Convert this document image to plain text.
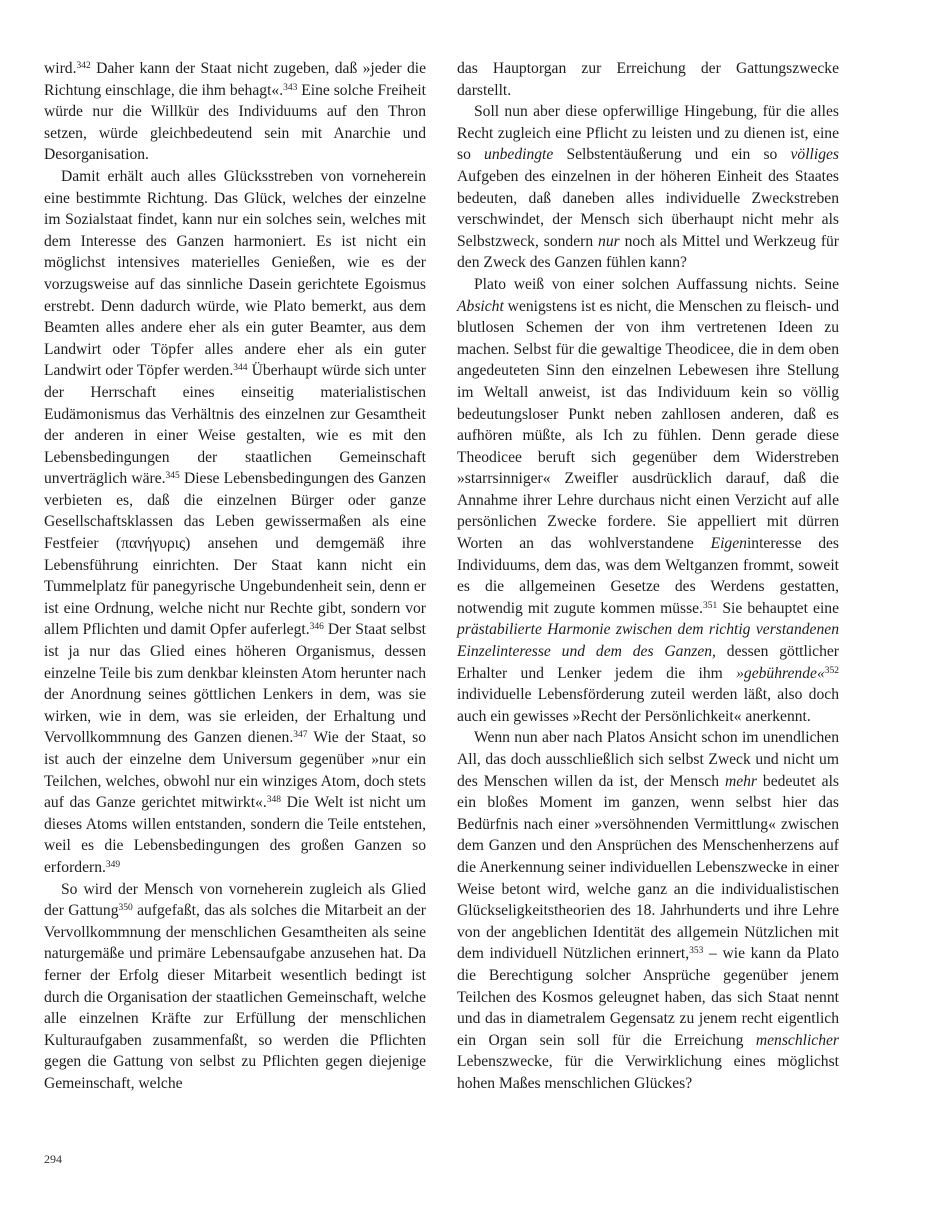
wird.$^{342}$ Daher kann der Staat nicht zugeben, daß »jeder die Richtung einschlage, die ihm behagt«.$^{343}$ Eine solche Freiheit würde nur die Willkür des Individuums auf den Thron setzen, würde gleichbedeutend sein mit Anarchie und Desorganisation.

Damit erhält auch alles Glücksstreben von vorneherein eine bestimmte Richtung. Das Glück, welches der einzelne im Sozialstaat findet, kann nur ein solches sein, welches mit dem Interesse des Ganzen harmoniert. Es ist nicht ein möglichst intensives materielles Genießen, wie es der vorzugsweise auf das sinnliche Dasein gerichtete Egoismus erstrebt. Denn dadurch würde, wie Plato bemerkt, aus dem Beamten alles andere eher als ein guter Beamter, aus dem Landwirt oder Töpfer alles andere eher als ein guter Landwirt oder Töpfer werden.$^{344}$ Überhaupt würde sich unter der Herrschaft eines einseitig materialistischen Eudämonismus das Verhältnis des einzelnen zur Gesamtheit der anderen in einer Weise gestalten, wie es mit den Lebensbedingungen der staatlichen Gemeinschaft unverträglich wäre.$^{345}$ Diese Lebensbedingungen des Ganzen verbieten es, daß die einzelnen Bürger oder ganze Gesellschaftsklassen das Leben gewissermaßen als eine Festfeier (πανήγυρις) ansehen und demgemäß ihre Lebensführung einrichten. Der Staat kann nicht ein Tummelplatz für panegyrische Ungebundenheit sein, denn er ist eine Ordnung, welche nicht nur Rechte gibt, sondern vor allem Pflichten und damit Opfer auferlegt.$^{346}$ Der Staat selbst ist ja nur das Glied eines höheren Organismus, dessen einzelne Teile bis zum denkbar kleinsten Atom herunter nach der Anordnung seines göttlichen Lenkers in dem, was sie wirken, wie in dem, was sie erleiden, der Erhaltung und Vervollkommnung des Ganzen dienen.$^{347}$ Wie der Staat, so ist auch der einzelne dem Universum gegenüber »nur ein Teilchen, welches, obwohl nur ein winziges Atom, doch stets auf das Ganze gerichtet mitwirkt«.$^{348}$ Die Welt ist nicht um dieses Atoms willen entstanden, sondern die Teile entstehen, weil es die Lebensbedingungen des großen Ganzen so erfordern.$^{349}$

So wird der Mensch von vorneherein zugleich als Glied der Gattung$^{350}$ aufgefaßt, das als solches die Mitarbeit an der Vervollkommnung der menschlichen Gesamtheiten als seine naturgemäße und primäre Lebensaufgabe anzusehen hat. Da ferner der Erfolg dieser Mitarbeit wesentlich bedingt ist durch die Organisation der staatlichen Gemeinschaft, welche alle einzelnen Kräfte zur Erfüllung der menschlichen Kulturaufgaben zusammenfaßt, so werden die Pflichten gegen die Gattung von selbst zu Pflichten gegen diejenige Gemeinschaft, welche

das Hauptorgan zur Erreichung der Gattungszwecke darstellt.

Soll nun aber diese opferwillige Hingebung, für die alles Recht zugleich eine Pflicht zu leisten und zu dienen ist, eine so unbedingte Selbstentäußerung und ein so völliges Aufgeben des einzelnen in der höheren Einheit des Staates bedeuten, daß daneben alles individuelle Zweckstreben verschwindet, der Mensch sich überhaupt nicht mehr als Selbstzweck, sondern nur noch als Mittel und Werkzeug für den Zweck des Ganzen fühlen kann?

Plato weiß von einer solchen Auffassung nichts. Seine Absicht wenigstens ist es nicht, die Menschen zu fleisch- und blutlosen Schemen der von ihm vertretenen Ideen zu machen. Selbst für die gewaltige Theodicee, die in dem oben angedeuteten Sinn den einzelnen Lebewesen ihre Stellung im Weltall anweist, ist das Individuum kein so völlig bedeutungsloser Punkt neben zahllosen anderen, daß es aufhören müßte, als Ich zu fühlen. Denn gerade diese Theodicee beruft sich gegenüber dem Widerstreben »starrsinniger« Zweifler ausdrücklich darauf, daß die Annahme ihrer Lehre durchaus nicht einen Verzicht auf alle persönlichen Zwecke fordere. Sie appelliert mit dürren Worten an das wohlverstandene Eigeninteresse des Individuums, dem das, was dem Weltganzen frommt, soweit es die allgemeinen Gesetze des Werdens gestatten, notwendig mit zugute kommen müsse.$^{351}$ Sie behauptet eine prästabilierte Harmonie zwischen dem richtig verstandenen Einzelinteresse und dem des Ganzen, dessen göttlicher Erhalter und Lenker jedem die ihm »gebührende«$^{352}$ individuelle Lebensförderung zuteil werden läßt, also doch auch ein gewisses »Recht der Persönlichkeit« anerkennt.

Wenn nun aber nach Platos Ansicht schon im unendlichen All, das doch ausschließlich sich selbst Zweck und nicht um des Menschen willen da ist, der Mensch mehr bedeutet als ein bloßes Moment im ganzen, wenn selbst hier das Bedürfnis nach einer »versöhnenden Vermittlung« zwischen dem Ganzen und den Ansprüchen des Menschenherzens auf die Anerkennung seiner individuellen Lebenszwecke in einer Weise betont wird, welche ganz an die individualistischen Glückseligkeitstheorien des 18. Jahrhunderts und ihre Lehre von der angeblichen Identität des allgemein Nützlichen mit dem individuell Nützlichen erinnert,$^{353}$ – wie kann da Plato die Berechtigung solcher Ansprüche gegenüber jenem Teilchen des Kosmos geleugnet haben, das sich Staat nennt und das in diametralem Gegensatz zu jenem recht eigentlich ein Organ sein soll für die Erreichung menschlicher Lebenszwecke, für die Verwirklichung eines möglichst hohen Maßes menschlichen Glückes?

294
